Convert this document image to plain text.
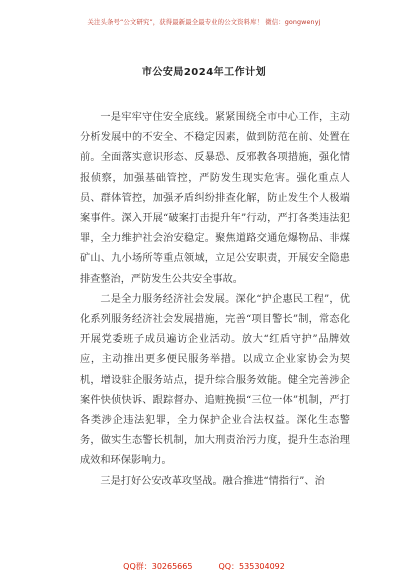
关注头条号“公文研究”，获得最新最全最专业的公文资料库！ 微信：gongwenyj
市公安局2024年工作计划

一是牢牢守住安全底线。紧紧围绕全市中心工作，主动分析发展中的不安全、不稳定因素，做到防范在前、处置在前。全面落实意识形态、反暴恐、反邪教各项措施，强化情报侦察，加强基础管控，严防发生现实危害。强化重点人员、群体管控，加强矛盾纠纷排查化解，防止发生个人极端案事件。深入开展“破案打击提升年”行动，严打各类违法犯罪，全力维护社会治安稳定。聚焦道路交通危爆物品、非煤矿山、九小场所等重点领域，立足公安职责，开展安全隐患排查整治，严防发生公共安全事故。

二是全力服务经济社会发展。深化“护企惠民工程”，优化系列服务经济社会发展措施，完善“项目警长”制，常态化开展党委班子成员遍访企业活动。放大“红盾守护”品牌效应，主动推出更多便民服务举措。以成立企业家协会为契机，增设驻企服务站点，提升综合服务效能。健全完善涉企案件快侦快诉、跟踪督办、追赃挽损“三位一体”机制，严打各类涉企违法犯罪，全力保护企业合法权益。深化生态警务，做实生态警长机制，加大刑责治污力度，提升生态治理成效和环保影响力。

三是打好公安改革攻坚战。融合推进“情指行”、治

QQ群：30265665	QQ：535304092
